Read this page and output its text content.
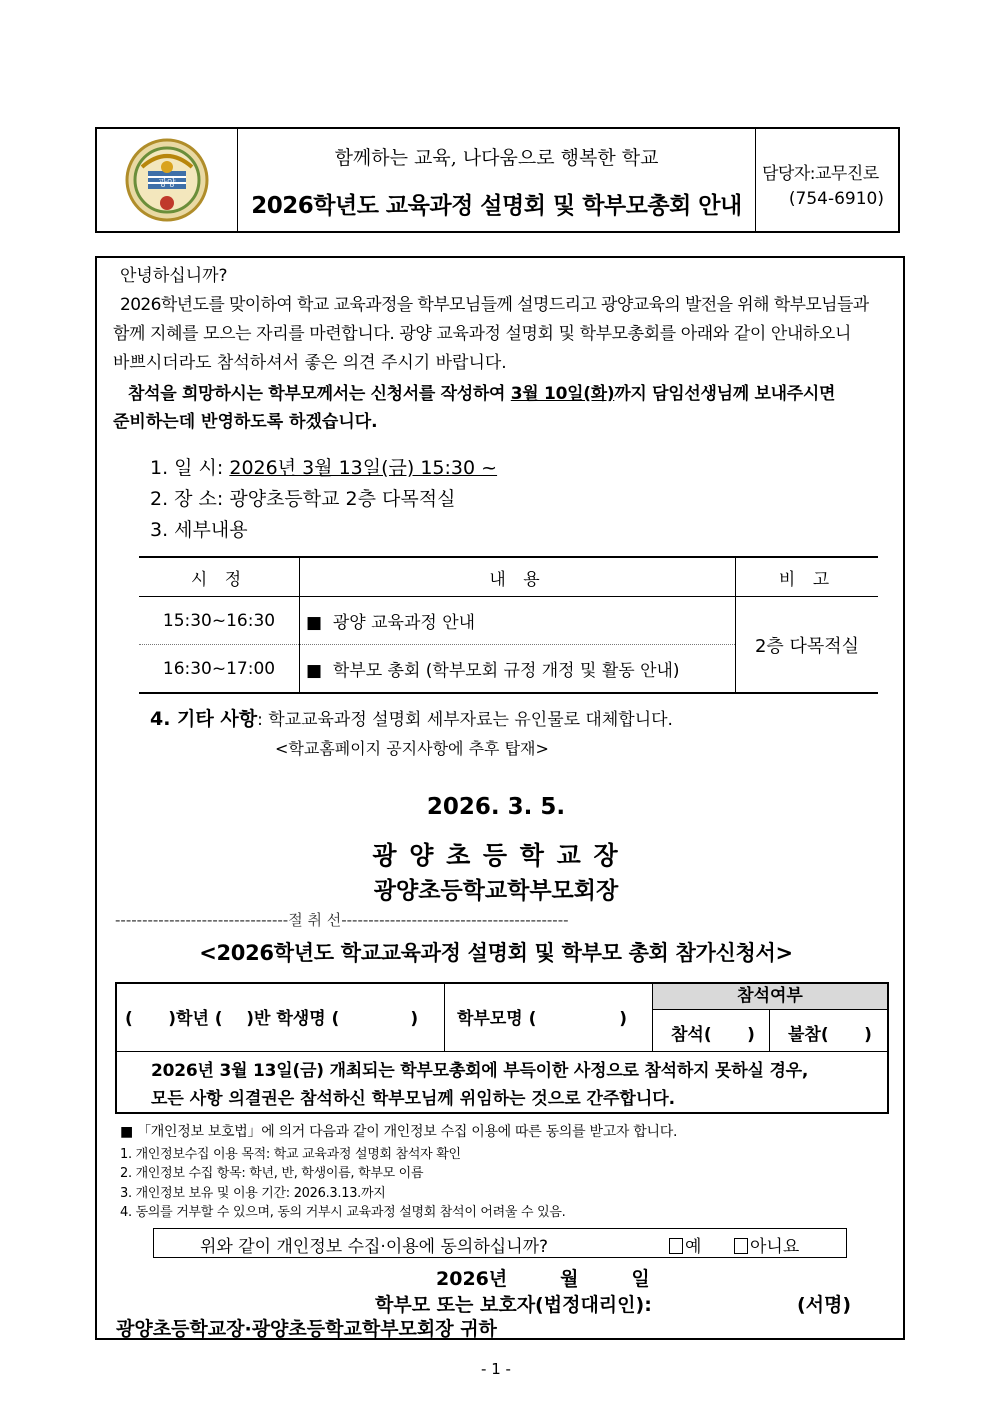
광양
함께하는 교육, 나다움으로 행복한 학교
2026학년도 교육과정 설명회 및 학부모총회 안내
담당자:교무진로
(754-6910)
안녕하십니까?
2026학년도를 맞이하여 학교 교육과정을 학부모님들께 설명드리고 광양교육의 발전을 위해 학부모님들과
함께 지혜를 모으는 자리를 마련합니다. 광양 교육과정 설명회 및 학부모총회를 아래와 같이 안내하오니
바쁘시더라도 참석하셔서 좋은 의견 주시기 바랍니다.
참석을 희망하시는 학부모께서는 신청서를 작성하여 3월 10일(화)까지 담임선생님께 보내주시면
준비하는데 반영하도록 하겠습니다.
1. 일 시: 2026년 3월 13일(금) 15:30 ~
2. 장 소: 광양초등학교 2층 다목적실
3. 세부내용
시 정	내 용	비 고
15:30~16:30	■ 광양 교육과정 안내	2층 다목적실
16:30~17:00	■ 학부모 총회 (학부모회 규정 개정 및 활동 안내)	
4. 기타 사항: 학교교육과정 설명회 세부자료는 유인물로 대체합니다.
<학교홈페이지 공지사항에 추후 탑재>
2026. 3. 5.
광 양 초 등 학 교 장
광양초등학교학부모회장
--------------------------------절 취 선------------------------------------------
<2026학년도 학교교육과정 설명회 및 학부모 총회 참가신청서>
(      )학년 (    )반 학생명 (            )	학부모명 (              )
참석여부
참석(      )	불참(      )
2026년 3월 13일(금) 개최되는 학부모총회에 부득이한 사정으로 참석하지 못하실 경우,
모든 사항 의결권은 참석하신 학부모님께 위임하는 것으로 간주합니다.
■ 「개인정보 보호법」에 의거 다음과 같이 개인정보 수집 이용에 따른 동의를 받고자 합니다.
1. 개인정보수집 이용 목적: 학교 교육과정 설명회 참석자 확인
2. 개인정보 수집 항목: 학년, 반, 학생이름, 학부모 이름
3. 개인정보 보유 및 이용 기간: 2026.3.13.까지
4. 동의를 거부할 수 있으며, 동의 거부시 교육과정 설명회 참석이 어려울 수 있음.
위와 같이 개인정보 수집·이용에 동의하십니까?	예	아니요
2026년        월        일
학부모 또는 보호자(법정대리인):	(서명)
광양초등학교장·광양초등학교학부모회장 귀하
- 1 -
